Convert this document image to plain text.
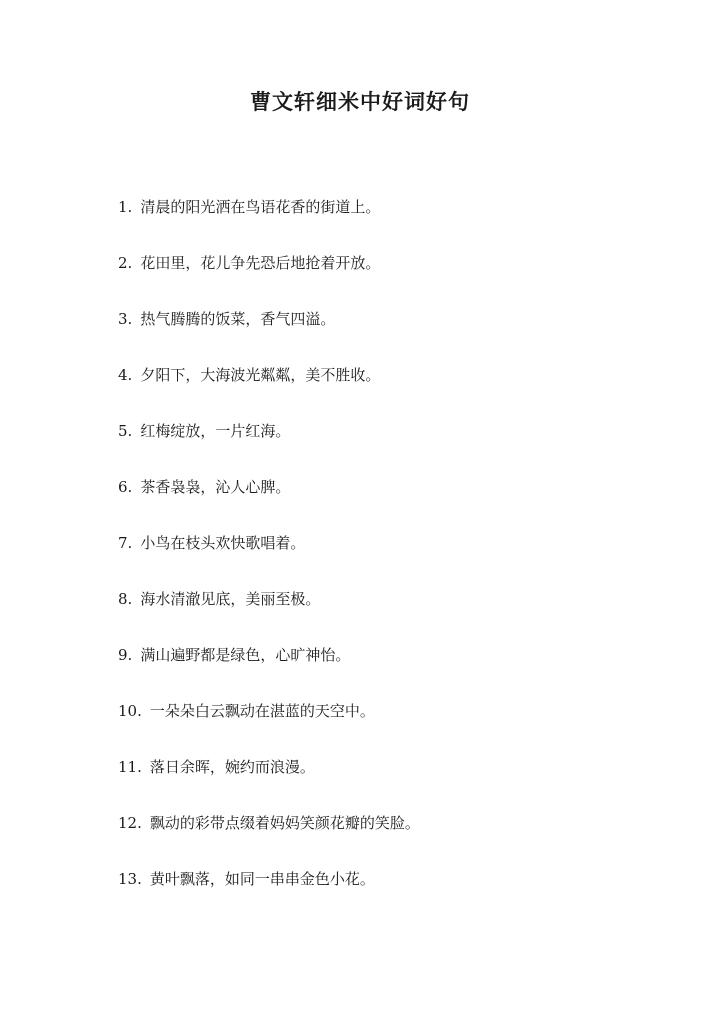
曹文轩细米中好词好句
1. 清晨的阳光洒在鸟语花香的街道上。
2. 花田里，花儿争先恐后地抢着开放。
3. 热气腾腾的饭菜，香气四溢。
4. 夕阳下，大海波光粼粼，美不胜收。
5. 红梅绽放，一片红海。
6. 茶香袅袅，沁人心脾。
7. 小鸟在枝头欢快歌唱着。
8. 海水清澈见底，美丽至极。
9. 满山遍野都是绿色，心旷神怡。
10. 一朵朵白云飘动在湛蓝的天空中。
11. 落日余晖，婉约而浪漫。
12. 飘动的彩带点缀着妈妈笑颜花瓣的笑脸。
13. 黄叶飘落，如同一串串金色小花。
